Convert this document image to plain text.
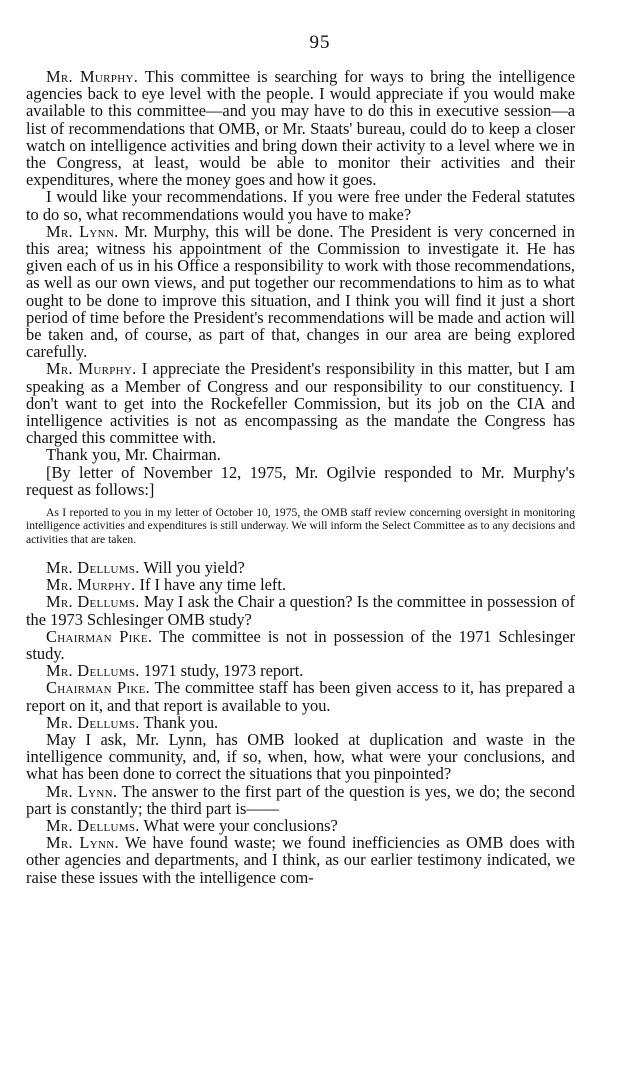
95

Mr. Murphy. This committee is searching for ways to bring the intelligence agencies back to eye level with the people. I would appreciate if you would make available to this committee—and you may have to do this in executive session—a list of recommendations that OMB, or Mr. Staats' bureau, could do to keep a closer watch on intelligence activities and bring down their activity to a level where we in the Congress, at least, would be able to monitor their activities and their expenditures, where the money goes and how it goes.

I would like your recommendations. If you were free under the Federal statutes to do so, what recommendations would you have to make?

Mr. Lynn. Mr. Murphy, this will be done. The President is very concerned in this area; witness his appointment of the Commission to investigate it. He has given each of us in his Office a responsibility to work with those recommendations, as well as our own views, and put together our recommendations to him as to what ought to be done to improve this situation, and I think you will find it just a short period of time before the President's recommendations will be made and action will be taken and, of course, as part of that, changes in our area are being explored carefully.

Mr. Murphy. I appreciate the President's responsibility in this matter, but I am speaking as a Member of Congress and our responsibility to our constituency. I don't want to get into the Rockefeller Commission, but its job on the CIA and intelligence activities is not as encompassing as the mandate the Congress has charged this committee with.

Thank you, Mr. Chairman.

[By letter of November 12, 1975, Mr. Ogilvie responded to Mr. Murphy's request as follows:]

As I reported to you in my letter of October 10, 1975, the OMB staff review concerning oversight in monitoring intelligence activities and expenditures is still underway. We will inform the Select Committee as to any decisions and activities that are taken.

Mr. Dellums. Will you yield?

Mr. Murphy. If I have any time left.

Mr. Dellums. May I ask the Chair a question? Is the committee in possession of the 1973 Schlesinger OMB study?

Chairman Pike. The committee is not in possession of the 1971 Schlesinger study.

Mr. Dellums. 1971 study, 1973 report.

Chairman Pike. The committee staff has been given access to it, has prepared a report on it, and that report is available to you.

Mr. Dellums. Thank you.

May I ask, Mr. Lynn, has OMB looked at duplication and waste in the intelligence community, and, if so, when, how, what were your conclusions, and what has been done to correct the situations that you pinpointed?

Mr. Lynn. The answer to the first part of the question is yes, we do; the second part is constantly; the third part is——

Mr. Dellums. What were your conclusions?

Mr. Lynn. We have found waste; we found inefficiencies as OMB does with other agencies and departments, and I think, as our earlier testimony indicated, we raise these issues with the intelligence com-
